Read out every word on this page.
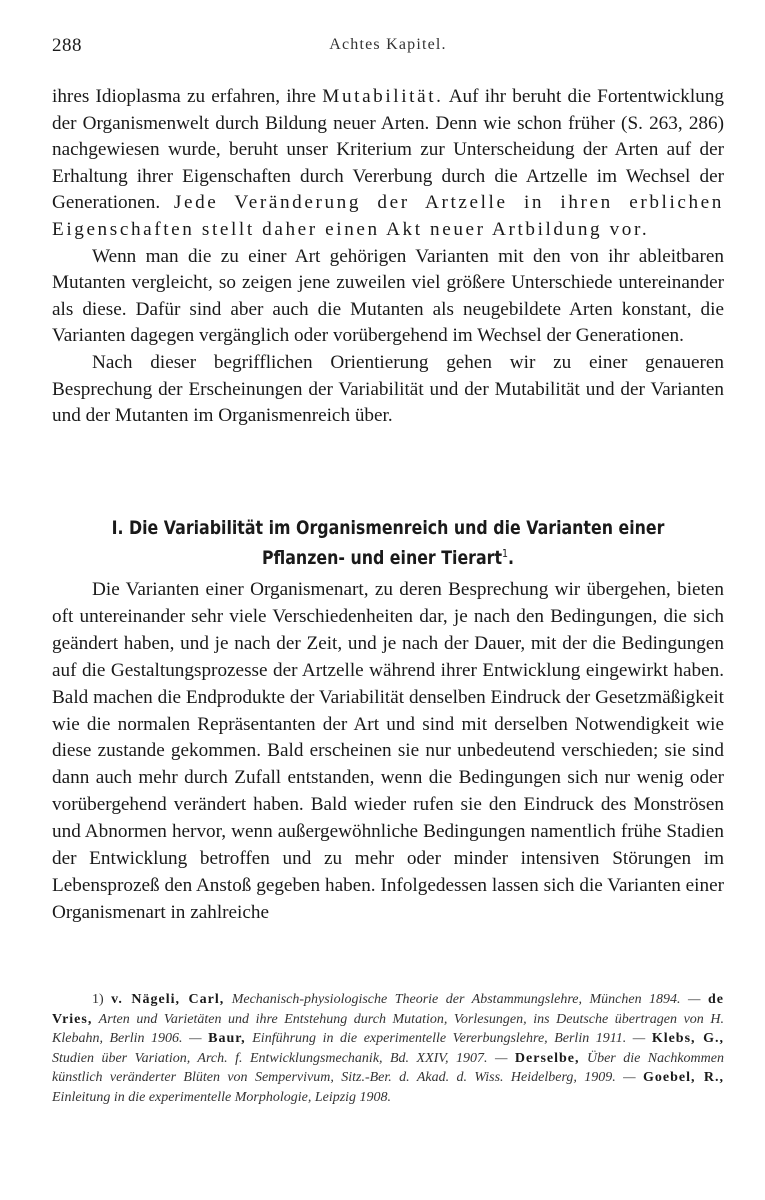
288	Achtes Kapitel.

ihres Idioplasma zu erfahren, ihre Mutabilität. Auf ihr beruht die Fortentwicklung der Organismenwelt durch Bildung neuer Arten. Denn wie schon früher (S. 263, 286) nachgewiesen wurde, beruht unser Kriterium zur Unterscheidung der Arten auf der Erhaltung ihrer Eigenschaften durch Vererbung durch die Artzelle im Wechsel der Generationen. Jede Veränderung der Artzelle in ihren erblichen Eigenschaften stellt daher einen Akt neuer Artbildung vor.

Wenn man die zu einer Art gehörigen Varianten mit den von ihr ableitbaren Mutanten vergleicht, so zeigen jene zuweilen viel größere Unterschiede untereinander als diese. Dafür sind aber auch die Mutanten als neugebildete Arten konstant, die Varianten dagegen vergänglich oder vorübergehend im Wechsel der Generationen.

Nach dieser begrifflichen Orientierung gehen wir zu einer genaueren Besprechung der Erscheinungen der Variabilität und der Mutabilität und der Varianten und der Mutanten im Organismenreich über.

I. Die Variabilität im Organismenreich und die Varianten einer Pflanzen- und einer Tierart$^1$.

Die Varianten einer Organismenart, zu deren Besprechung wir übergehen, bieten oft untereinander sehr viele Verschiedenheiten dar, je nach den Bedingungen, die sich geändert haben, und je nach der Zeit, und je nach der Dauer, mit der die Bedingungen auf die Gestaltungsprozesse der Artzelle während ihrer Entwicklung eingewirkt haben. Bald machen die Endprodukte der Variabilität denselben Eindruck der Gesetzmäßigkeit wie die normalen Repräsentanten der Art und sind mit derselben Notwendigkeit wie diese zustande gekommen. Bald erscheinen sie nur unbedeutend verschieden; sie sind dann auch mehr durch Zufall entstanden, wenn die Bedingungen sich nur wenig oder vorübergehend verändert haben. Bald wieder rufen sie den Eindruck des Monströsen und Abnormen hervor, wenn außergewöhnliche Bedingungen namentlich frühe Stadien der Entwicklung betroffen und zu mehr oder minder intensiven Störungen im Lebensprozeß den Anstoß gegeben haben. Infolgedessen lassen sich die Varianten einer Organismenart in zahlreiche

1) v. Nägeli, Carl, Mechanisch-physiologische Theorie der Abstammungslehre, München 1894. — de Vries, Arten und Varietäten und ihre Entstehung durch Mutation, Vorlesungen, ins Deutsche übertragen von H. Klebahn, Berlin 1906. — Baur, Einführung in die experimentelle Vererbungslehre, Berlin 1911. — Klebs, G., Studien über Variation, Arch. f. Entwicklungsmechanik, Bd. XXIV, 1907. — Derselbe, Über die Nachkommen künstlich veränderter Blüten von Sempervivum, Sitz.-Ber. d. Akad. d. Wiss. Heidelberg, 1909. — Goebel, R., Einleitung in die experimentelle Morphologie, Leipzig 1908.
